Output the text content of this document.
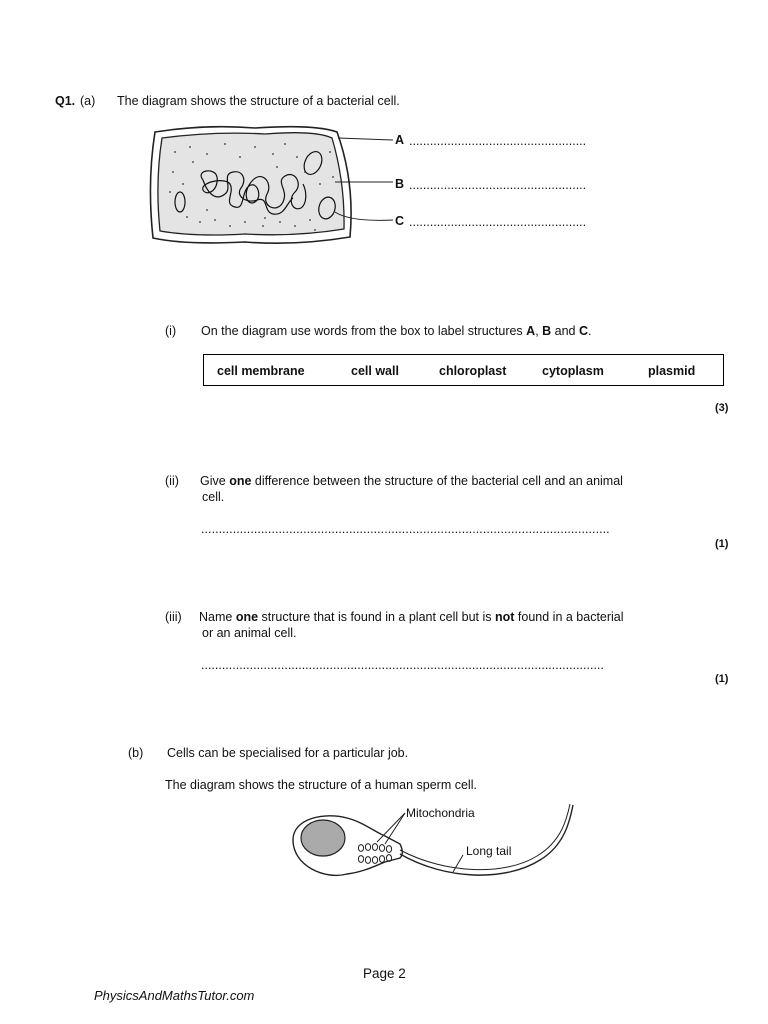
Q1. (a) The diagram shows the structure of a bacterial cell.
A ...................................................
B ...................................................
C ...................................................
(i) On the diagram use words from the box to label structures A, B and C.
cell membrane	cell wall	chloroplast	cytoplasm	plasmid
(3)
(ii) Give one difference between the structure of the bacterial cell and an animal
cell.
....................................................................................................................
(1)
(iii) Name one structure that is found in a plant cell but is not found in a bacterial
or an animal cell.
....................................................................................................................
(1)
(b) Cells can be specialised for a particular job.
The diagram shows the structure of a human sperm cell.
Mitochondria
Long tail
Page 2
PhysicsAndMathsTutor.com
